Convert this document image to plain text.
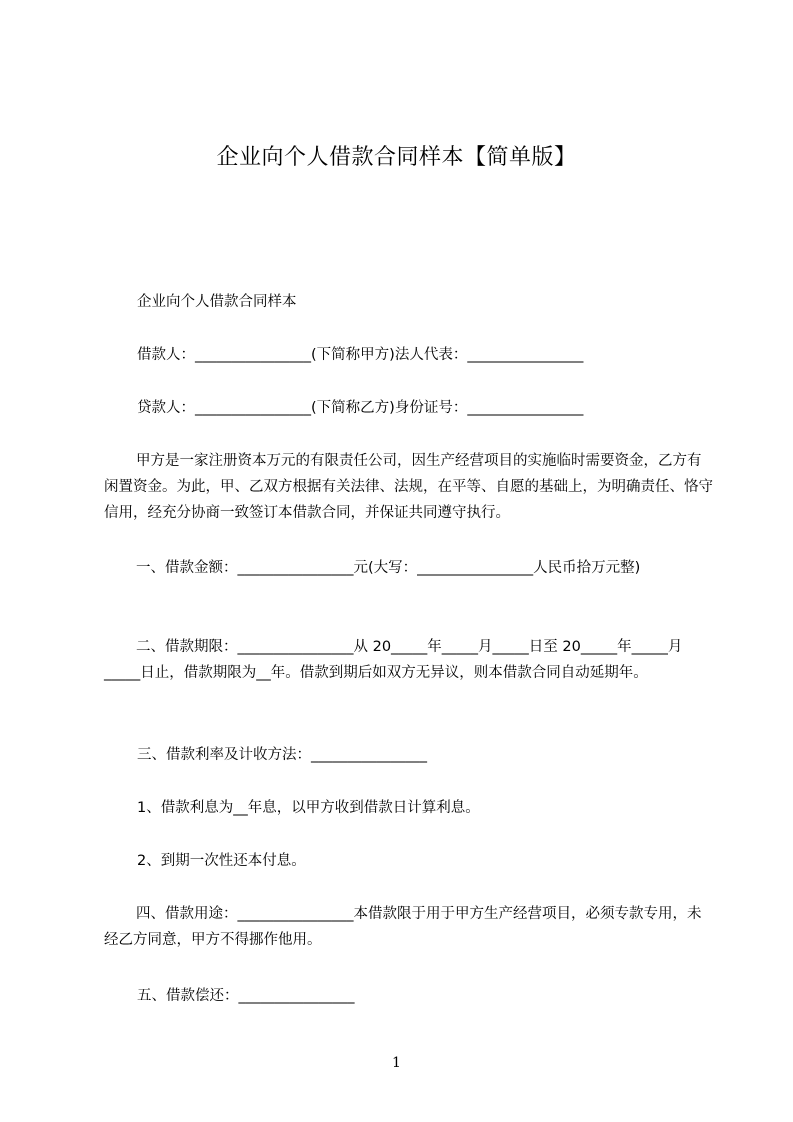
企业向个人借款合同样本【简单版】
企业向个人借款合同样本
借款人：________________(下简称甲方)法人代表：________________
贷款人：________________(下简称乙方)身份证号：________________
甲方是一家注册资本万元的有限责任公司，因生产经营项目的实施临时需要资金，乙方有闲置资金。为此，甲、乙双方根据有关法律、法规，在平等、自愿的基础上，为明确责任、恪守信用，经充分协商一致签订本借款合同，并保证共同遵守执行。
一、借款金额：________________元(大写：________________人民币拾万元整)
二、借款期限：________________从 20_____年_____月_____日至 20_____年_____月_____日止，借款期限为__年。借款到期后如双方无异议，则本借款合同自动延期年。
三、借款利率及计收方法：________________
1、借款利息为__年息，以甲方收到借款日计算利息。
2、到期一次性还本付息。
四、借款用途：________________本借款限于用于甲方生产经营项目，必须专款专用，未经乙方同意，甲方不得挪作他用。
五、借款偿还：________________
1
